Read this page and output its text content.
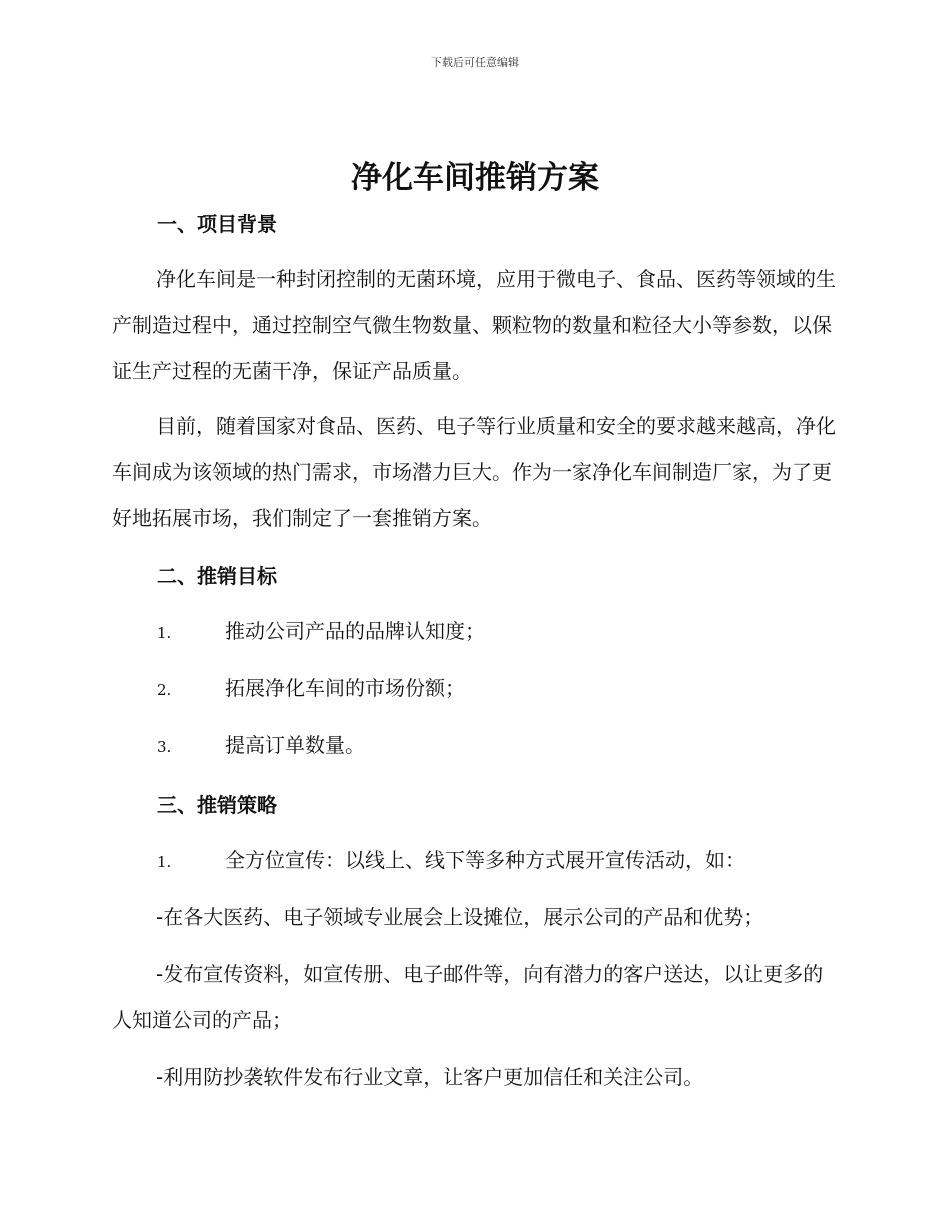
下载后可任意编辑
净化车间推销方案
一、项目背景

净化车间是一种封闭控制的无菌环境，应用于微电子、食品、医药等领域的生产制造过程中，通过控制空气微生物数量、颗粒物的数量和粒径大小等参数，以保证生产过程的无菌干净，保证产品质量。

目前，随着国家对食品、医药、电子等行业质量和安全的要求越来越高，净化车间成为该领域的热门需求，市场潜力巨大。作为一家净化车间制造厂家，为了更好地拓展市场，我们制定了一套推销方案。

二、推销目标
1.	推动公司产品的品牌认知度；
2.	拓展净化车间的市场份额；
3.	提高订单数量。
三、推销策略
1.	全方位宣传：以线上、线下等多种方式展开宣传活动，如：

-在各大医药、电子领域专业展会上设摊位，展示公司的产品和优势；

-发布宣传资料，如宣传册、电子邮件等，向有潜力的客户送达，以让更多的人知道公司的产品；

-利用防抄袭软件发布行业文章，让客户更加信任和关注公司。
